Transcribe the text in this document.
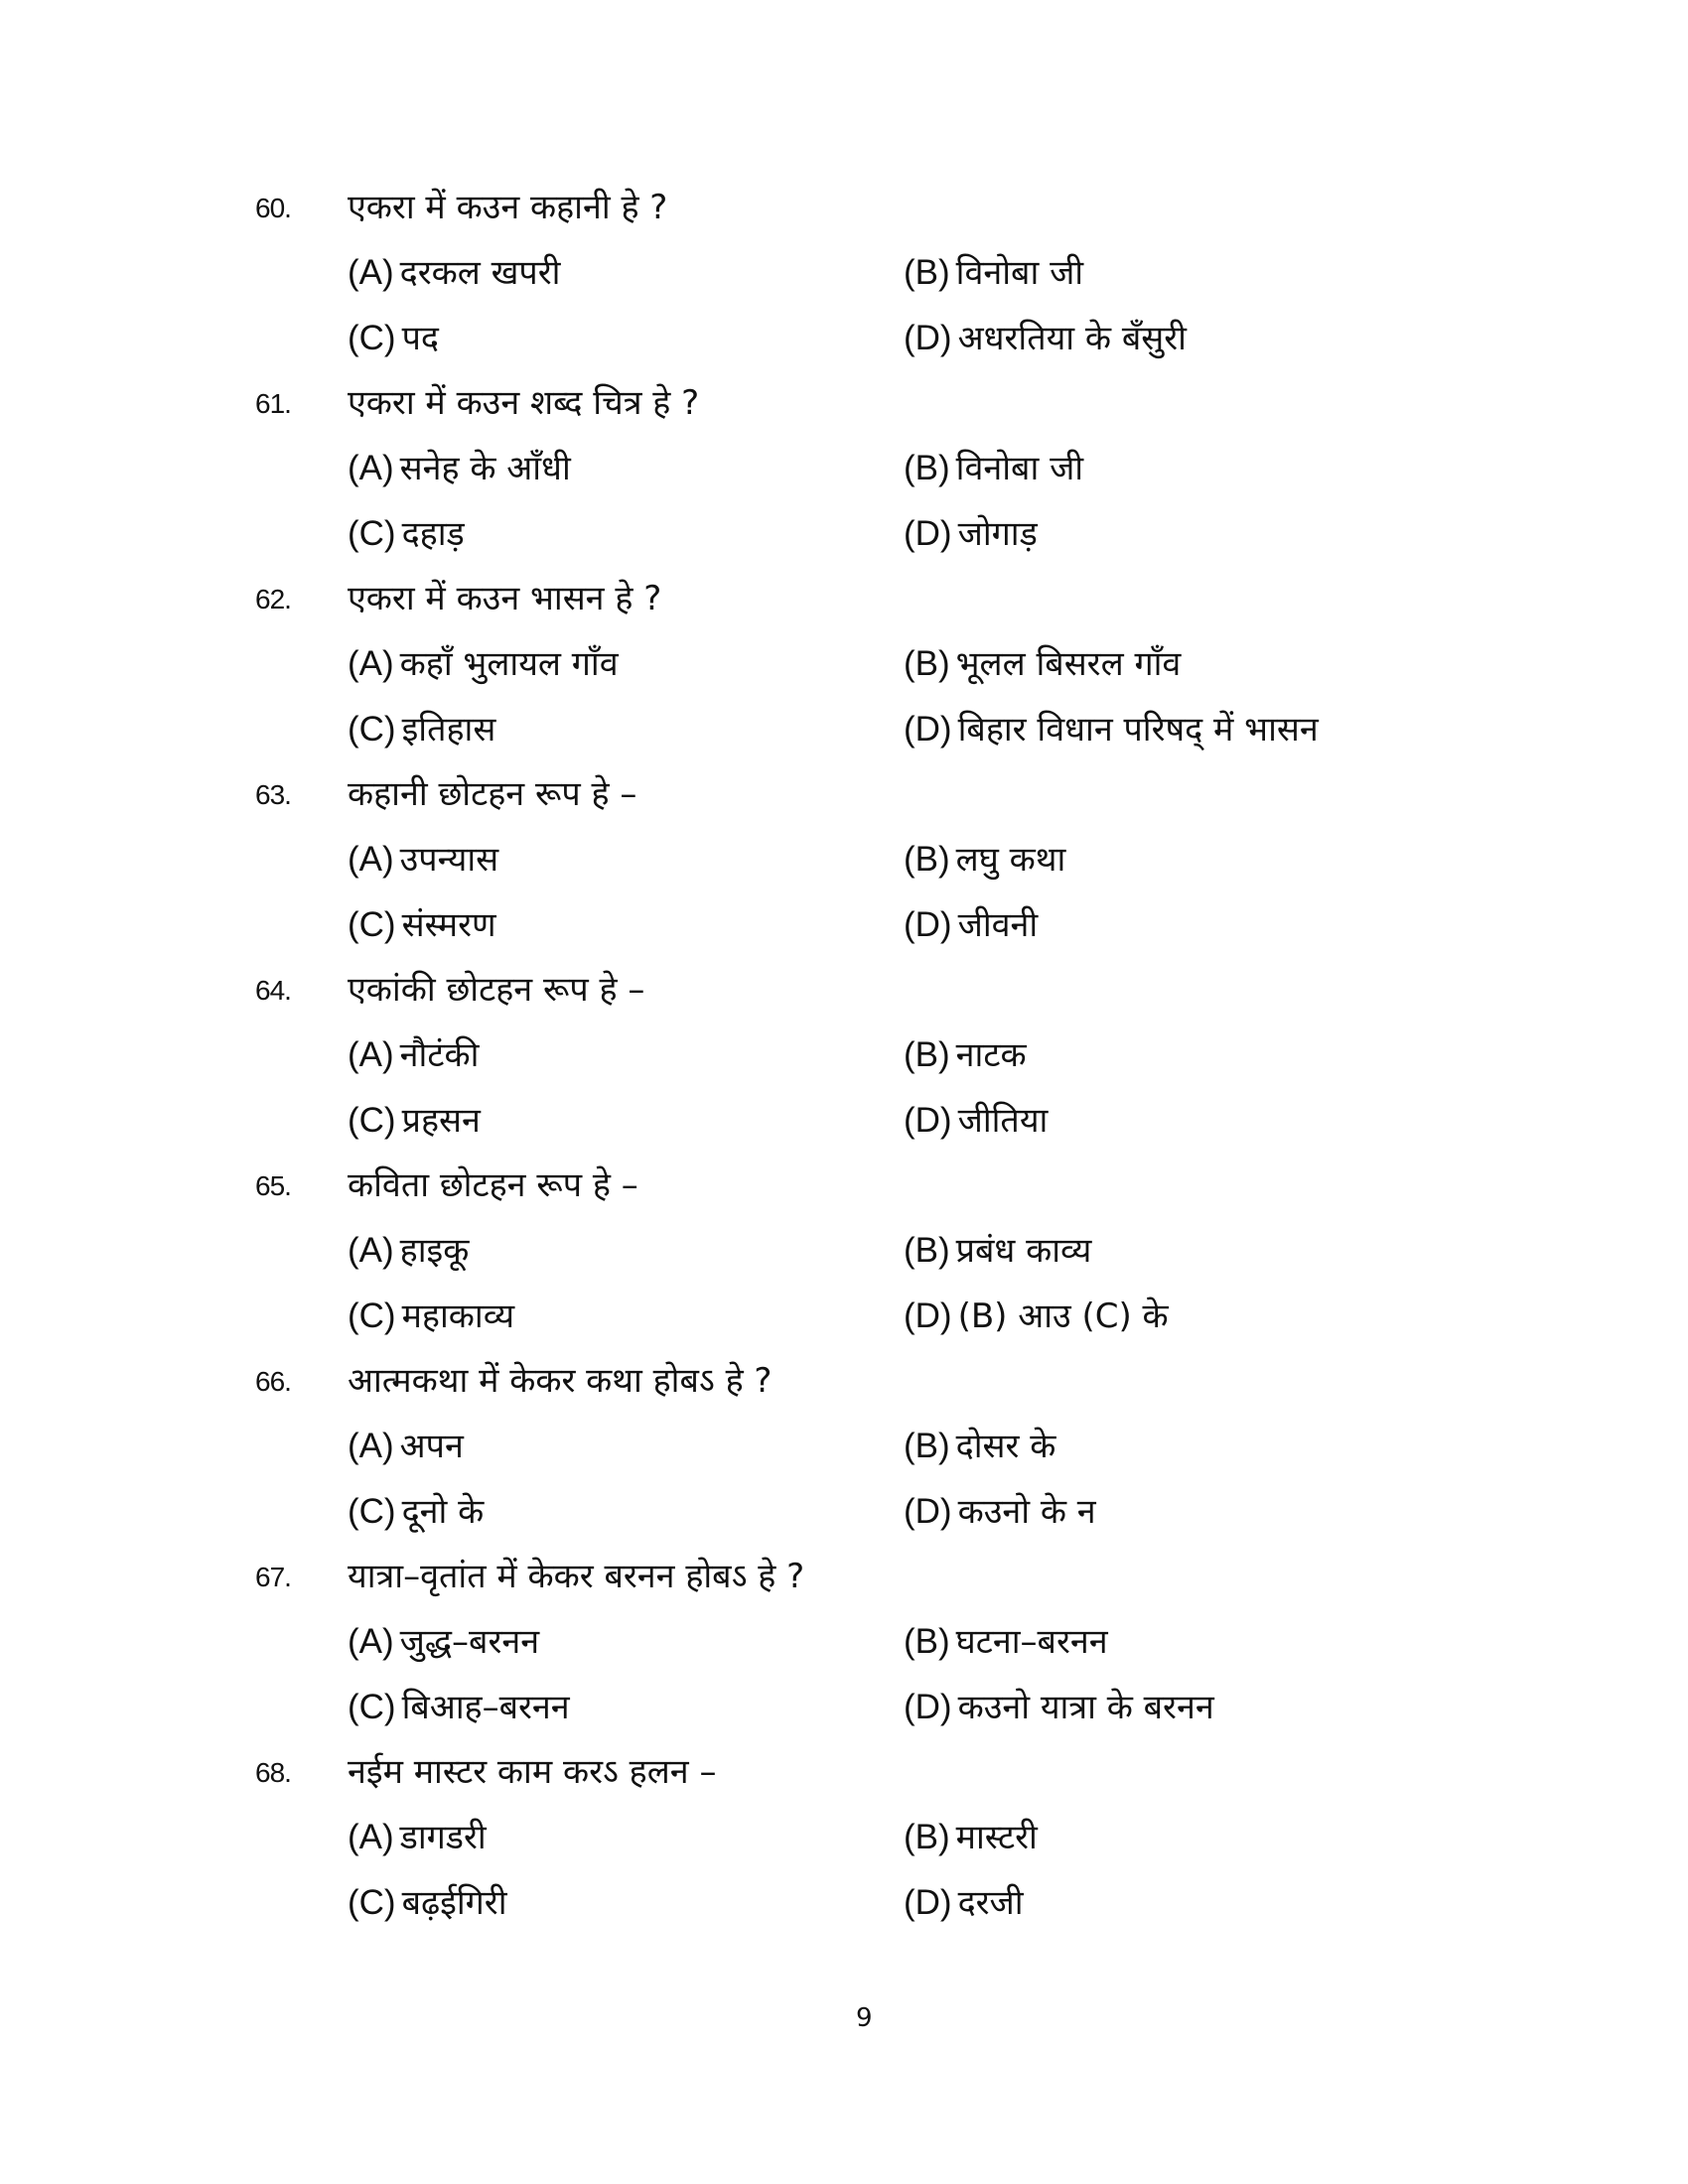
60. एकरा में कउन कहानी हे ?
(A) दरकल खपरी	(B) विनोबा जी
(C) पद	(D) अधरतिया के बँसुरी
61. एकरा में कउन शब्द चित्र हे ?
(A) सनेह के आँधी	(B) विनोबा जी
(C) दहाड़	(D) जोगाड़
62. एकरा में कउन भासन हे ?
(A) कहाँ भुलायल गाँव	(B) भूलल बिसरल गाँव
(C) इतिहास	(D) बिहार विधान परिषद् में भासन
63. कहानी छोटहन रूप हे –
(A) उपन्यास	(B) लघु कथा
(C) संस्मरण	(D) जीवनी
64. एकांकी छोटहन रूप हे –
(A) नौटंकी	(B) नाटक
(C) प्रहसन	(D) जीतिया
65. कविता छोटहन रूप हे –
(A) हाइकू	(B) प्रबंध काव्य
(C) महाकाव्य	(D) (B) आउ (C) के
66. आत्मकथा में केकर कथा होबऽ हे ?
(A) अपन	(B) दोसर के
(C) दूनो के	(D) कउनो के न
67. यात्रा–वृतांत में केकर बरनन होबऽ हे ?
(A) जुद्ध–बरनन	(B) घटना–बरनन
(C) बिआह–बरनन	(D) कउनो यात्रा के बरनन
68. नईम मास्टर काम करऽ हलन –
(A) डागडरी	(B) मास्टरी
(C) बढ़ईगिरी	(D) दरजी
9
